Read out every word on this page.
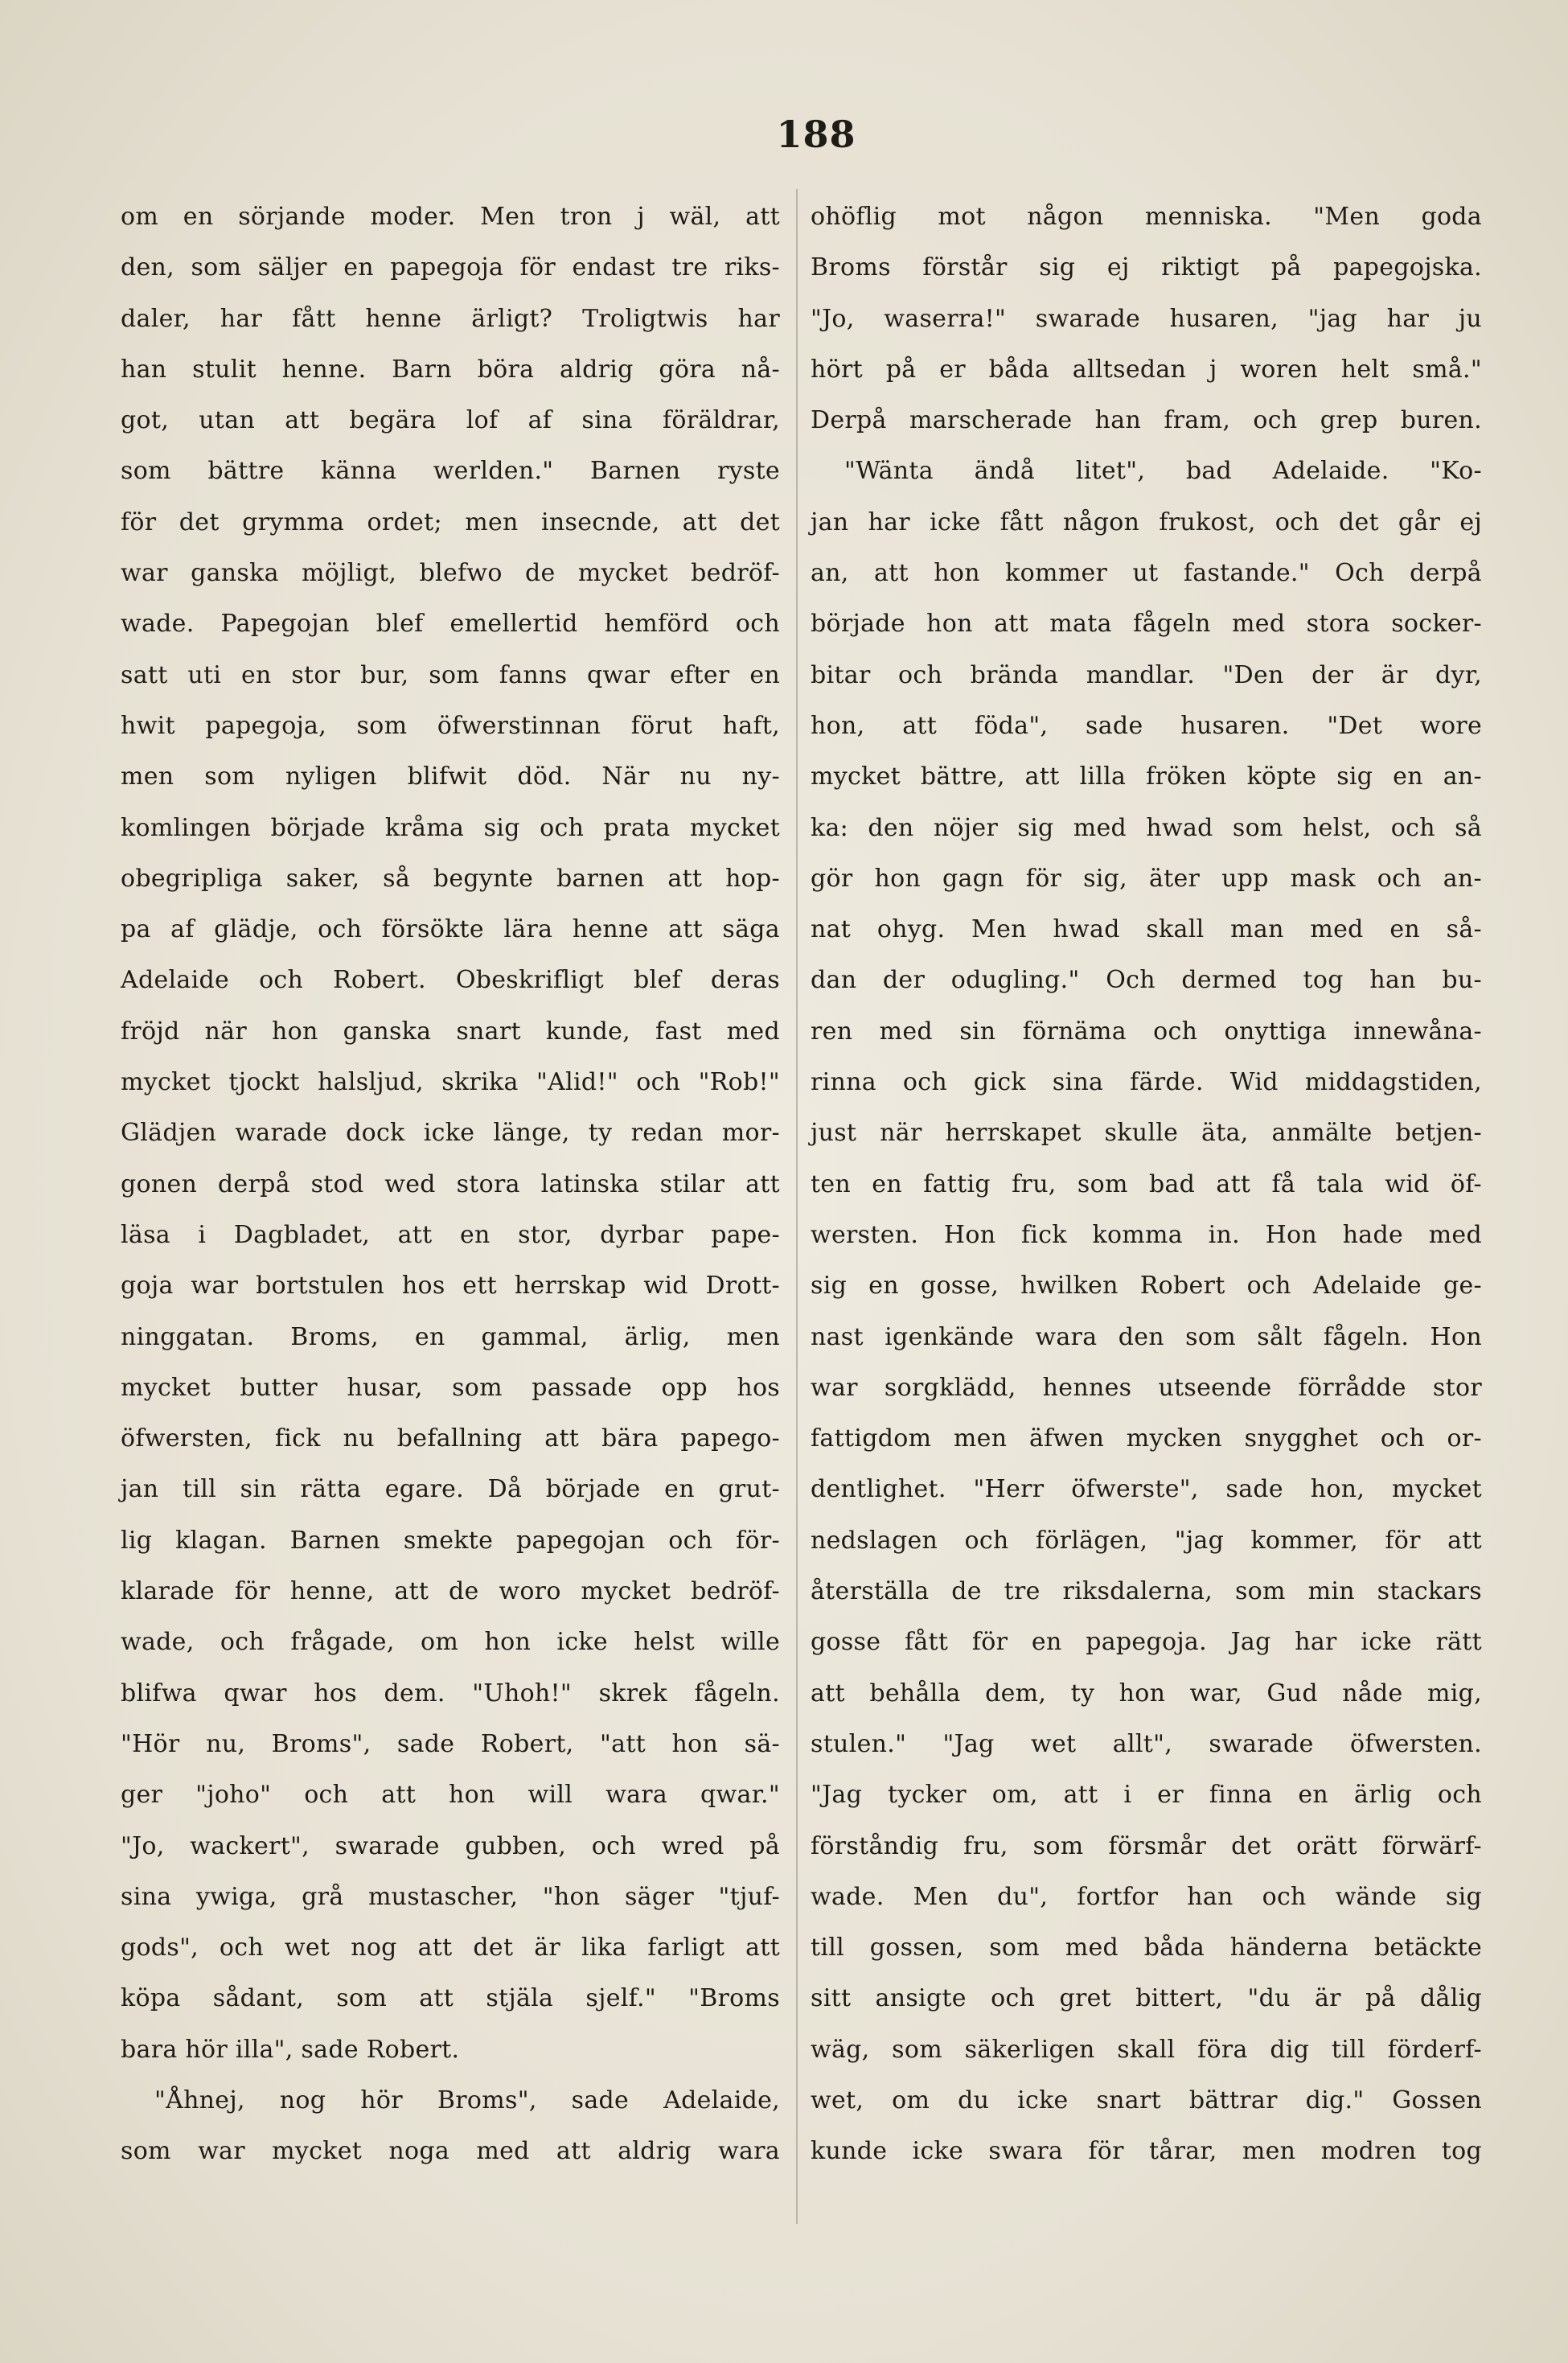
188
om en sörjande moder. Men tron j wäl, att
den, som säljer en papegoja för endast tre riks-
daler, har fått henne ärligt? Troligtwis har
han stulit henne. Barn böra aldrig göra nå-
got, utan att begära lof af sina föräldrar,
som bättre känna werlden." Barnen ryste
för det grymma ordet; men insecnde, att det
war ganska möjligt, blefwo de mycket bedröf-
wade. Papegojan blef emellertid hemförd och
satt uti en stor bur, som fanns qwar efter en
hwit papegoja, som öfwerstinnan förut haft,
men som nyligen blifwit död. När nu ny-
komlingen började kråma sig och prata mycket
obegripliga saker, så begynte barnen att hop-
pa af glädje, och försökte lära henne att säga
Adelaide och Robert. Obeskrifligt blef deras
fröjd när hon ganska snart kunde, fast med
mycket tjockt halsljud, skrika "Alid!" och "Rob!"
Glädjen warade dock icke länge, ty redan mor-
gonen derpå stod wed stora latinska stilar att
läsa i Dagbladet, att en stor, dyrbar pape-
goja war bortstulen hos ett herrskap wid Drott-
ninggatan. Broms, en gammal, ärlig, men
mycket butter husar, som passade opp hos
öfwersten, fick nu befallning att bära papego-
jan till sin rätta egare. Då började en grut-
lig klagan. Barnen smekte papegojan och för-
klarade för henne, att de woro mycket bedröf-
wade, och frågade, om hon icke helst wille
blifwa qwar hos dem. "Uhoh!" skrek fågeln.
"Hör nu, Broms", sade Robert, "att hon sä-
ger "joho" och att hon will wara qwar."
"Jo, wackert", swarade gubben, och wred på
sina ywiga, grå mustascher, "hon säger "tjuf-
gods", och wet nog att det är lika farligt att
köpa sådant, som att stjäla sjelf." "Broms
bara hör illa", sade Robert.
"Åhnej, nog hör Broms", sade Adelaide,
som war mycket noga med att aldrig wara
ohöflig mot någon menniska. "Men goda
Broms förstår sig ej riktigt på papegojska.
"Jo, waserra!" swarade husaren, "jag har ju
hört på er båda alltsedan j woren helt små."
Derpå marscherade han fram, och grep buren.
"Wänta ändå litet", bad Adelaide. "Ko-
jan har icke fått någon frukost, och det går ej
an, att hon kommer ut fastande." Och derpå
började hon att mata fågeln med stora socker-
bitar och brända mandlar. "Den der är dyr,
hon, att föda", sade husaren. "Det wore
mycket bättre, att lilla fröken köpte sig en an-
ka: den nöjer sig med hwad som helst, och så
gör hon gagn för sig, äter upp mask och an-
nat ohyg. Men hwad skall man med en så-
dan der odugling." Och dermed tog han bu-
ren med sin förnäma och onyttiga innewåna-
rinna och gick sina färde. Wid middagstiden,
just när herrskapet skulle äta, anmälte betjen-
ten en fattig fru, som bad att få tala wid öf-
wersten. Hon fick komma in. Hon hade med
sig en gosse, hwilken Robert och Adelaide ge-
nast igenkände wara den som sålt fågeln. Hon
war sorgklädd, hennes utseende förrådde stor
fattigdom men äfwen mycken snygghet och or-
dentlighet. "Herr öfwerste", sade hon, mycket
nedslagen och förlägen, "jag kommer, för att
återställa de tre riksdalerna, som min stackars
gosse fått för en papegoja. Jag har icke rätt
att behålla dem, ty hon war, Gud nåde mig,
stulen." "Jag wet allt", swarade öfwersten.
"Jag tycker om, att i er finna en ärlig och
förståndig fru, som försmår det orätt förwärf-
wade. Men du", fortfor han och wände sig
till gossen, som med båda händerna betäckte
sitt ansigte och gret bittert, "du är på dålig
wäg, som säkerligen skall föra dig till förderf-
wet, om du icke snart bättrar dig." Gossen
kunde icke swara för tårar, men modren tog
